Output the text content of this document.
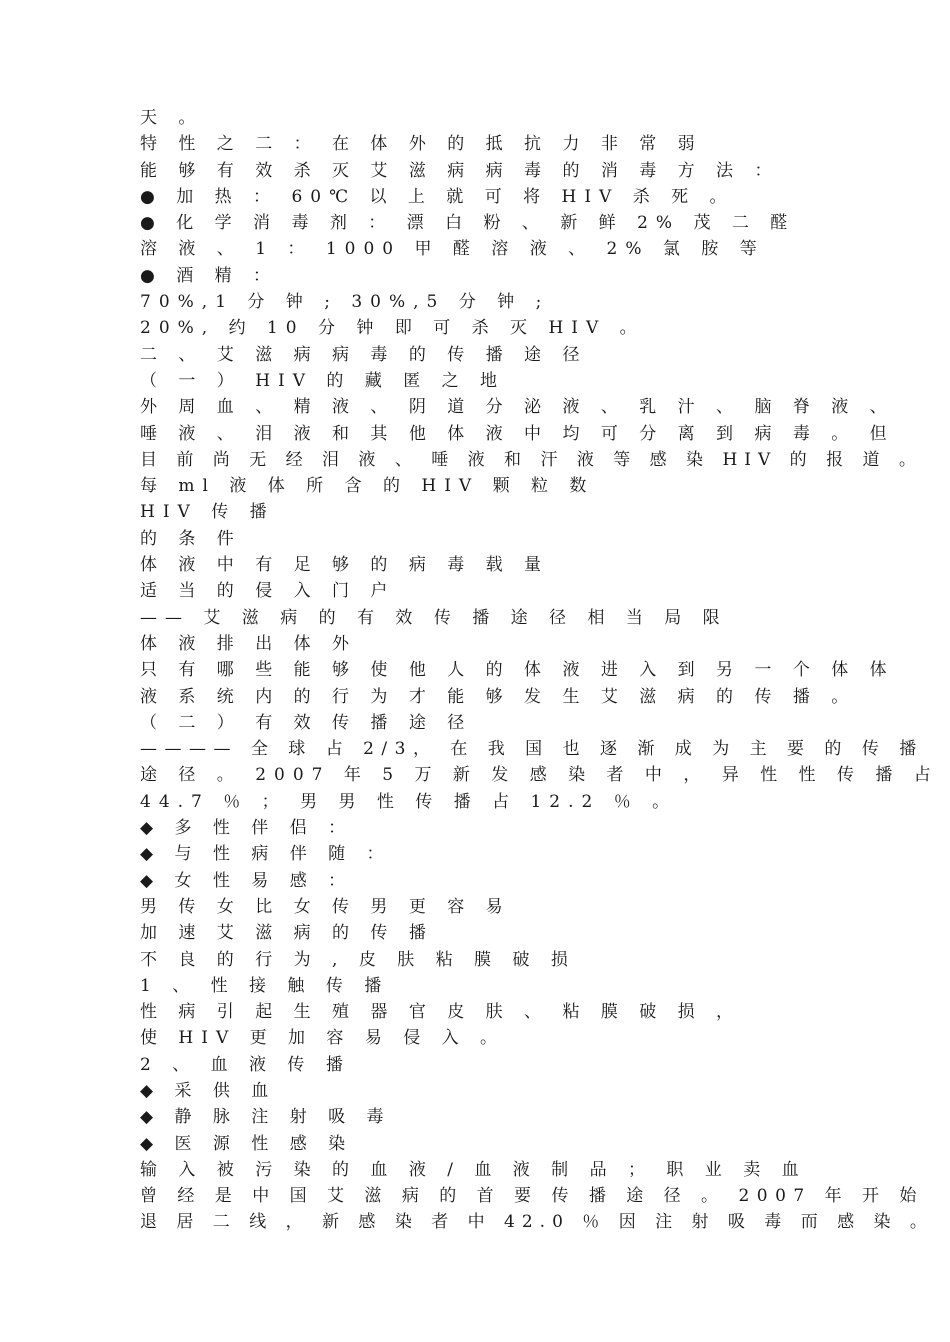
天 。
特 性 之 二 ： 在 体 外 的 抵 抗 力 非 常 弱
能 够 有 效 杀 灭 艾 滋 病 病 毒 的 消 毒 方 法 ：
● 加 热 ： 60℃ 以 上 就 可 将 HIV 杀 死 。
● 化 学 消 毒 剂 ： 漂 白 粉 、 新 鲜 2% 茂 二 醛
溶 液 、 1 ： 1000 甲 醛 溶 液 、 2% 氯 胺 等
● 酒 精 ：
70%,1 分 钟 ; 30%,5 分 钟 ;
20%, 约 10 分 钟 即 可 杀 灭 HIV 。
二 、 艾 滋 病 病 毒 的 传 播 途 径
（ 一 ） HIV 的 藏 匿 之 地
外 周 血 、 精 液 、 阴 道 分 泌 液 、 乳 汁 、 脑 脊 液 、
唾 液 、 泪 液 和 其 他 体 液 中 均 可 分 离 到 病 毒 。 但
目 前 尚 无 经 泪 液 、 唾 液 和 汗 液 等 感 染 HIV 的 报 道 。
每 ml 液 体 所 含 的 HIV 颗 粒 数
HIV 传 播
的 条 件
体 液 中 有 足 够 的 病 毒 载 量
适 当 的 侵 入 门 户
—— 艾 滋 病 的 有 效 传 播 途 径 相 当 局 限
体 液 排 出 体 外
只 有 哪 些 能 够 使 他 人 的 体 液 进 入 到 另 一 个 体 体
液 系 统 内 的 行 为 才 能 够 发 生 艾 滋 病 的 传 播 。
（ 二 ） 有 效 传 播 途 径
———— 全 球 占 2/3， 在 我 国 也 逐 渐 成 为 主 要 的 传 播
途 径 。 2007 年 5 万 新 发 感 染 者 中 ， 异 性 性 传 播 占
44.7 ％ ； 男 男 性 传 播 占 12.2 ％ 。
◆ 多 性 伴 侣 ：
◆ 与 性 病 伴 随 ：
◆ 女 性 易 感 ：
男 传 女 比 女 传 男 更 容 易
加 速 艾 滋 病 的 传 播
不 良 的 行 为 , 皮 肤 粘 膜 破 损
1 、 性 接 触 传 播
性 病 引 起 生 殖 器 官 皮 肤 、 粘 膜 破 损 ，
使 HIV 更 加 容 易 侵 入 。
2 、 血 液 传 播
◆ 采 供 血
◆ 静 脉 注 射 吸 毒
◆ 医 源 性 感 染
输 入 被 污 染 的 血 液 / 血 液 制 品 ； 职 业 卖 血
曾 经 是 中 国 艾 滋 病 的 首 要 传 播 途 径 。 2007 年 开 始
退 居 二 线 ， 新 感 染 者 中 42.0 ％ 因 注 射 吸 毒 而 感 染 。
